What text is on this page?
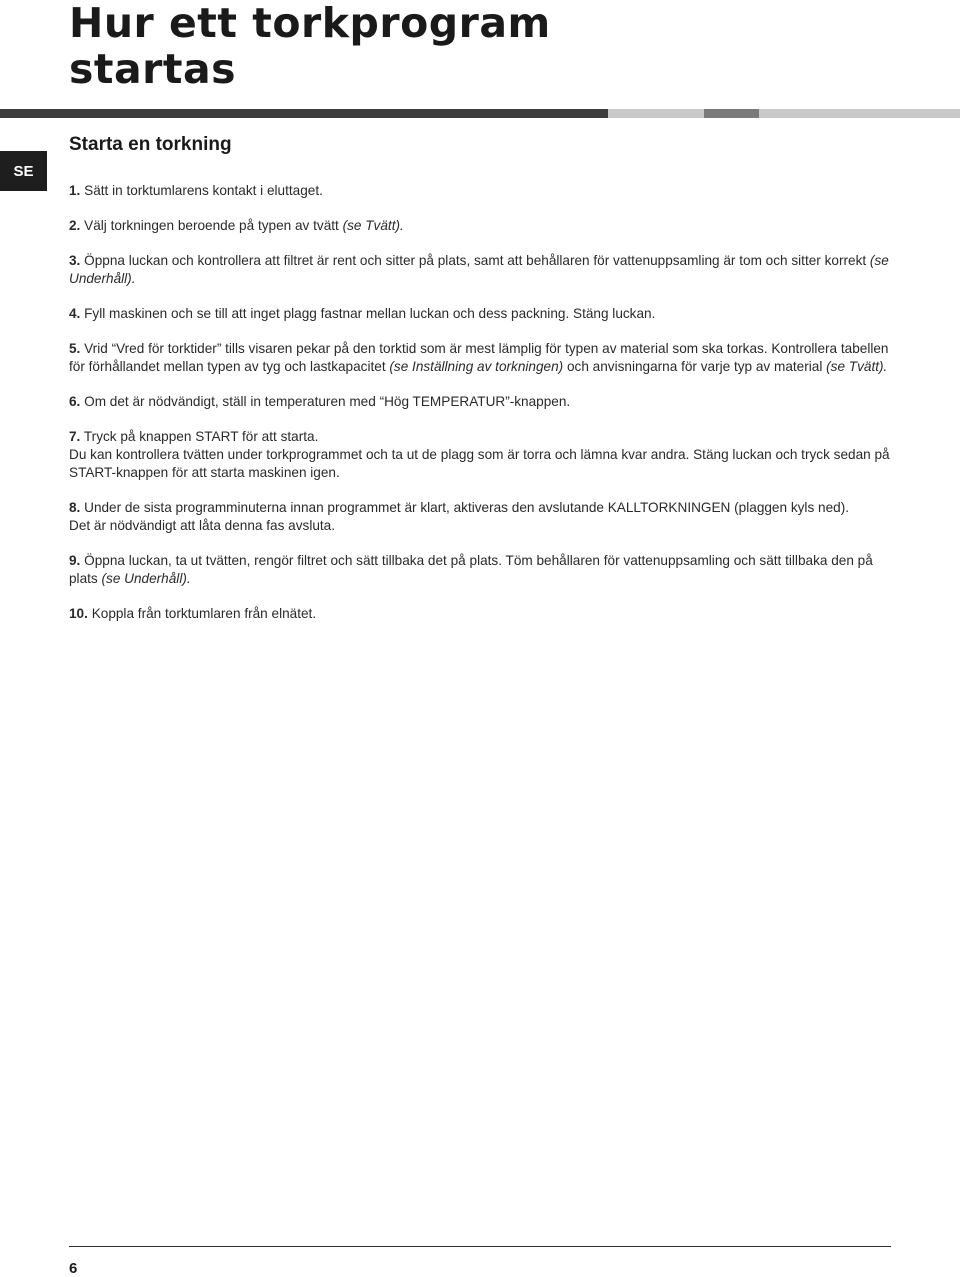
Hur ett torkprogram
startas
SE
Starta en torkning

1. Sätt in torktumlarens kontakt i eluttaget.

2. Välj torkningen beroende på typen av tvätt (se Tvätt).

3. Öppna luckan och kontrollera att filtret är rent och sitter på plats, samt att behållaren för vattenuppsamling är tom och sitter korrekt (se Underhåll).

4. Fyll maskinen och se till att inget plagg fastnar mellan luckan och dess packning. Stäng luckan.

5. Vrid “Vred för torktider” tills visaren pekar på den torktid som är mest lämplig för typen av material som ska torkas. Kontrollera tabellen för förhållandet mellan typen av tyg och lastkapacitet (se Inställning av torkningen) och anvisningarna för varje typ av material (se Tvätt).

6. Om det är nödvändigt, ställ in temperaturen med “Hög TEMPERATUR”-knappen.

7. Tryck på knappen START för att starta.
Du kan kontrollera tvätten under torkprogrammet och ta ut de plagg som är torra och lämna kvar andra. Stäng luckan och tryck sedan på START-knappen för att starta maskinen igen.

8. Under de sista programminuterna innan programmet är klart, aktiveras den avslutande KALLTORKNINGEN (plaggen kyls ned).
Det är nödvändigt att låta denna fas avsluta.

9. Öppna luckan, ta ut tvätten, rengör filtret och sätt tillbaka det på plats. Töm behållaren för vattenuppsamling och sätt tillbaka den på plats (se Underhåll).

10. Koppla från torktumlaren från elnätet.

6
